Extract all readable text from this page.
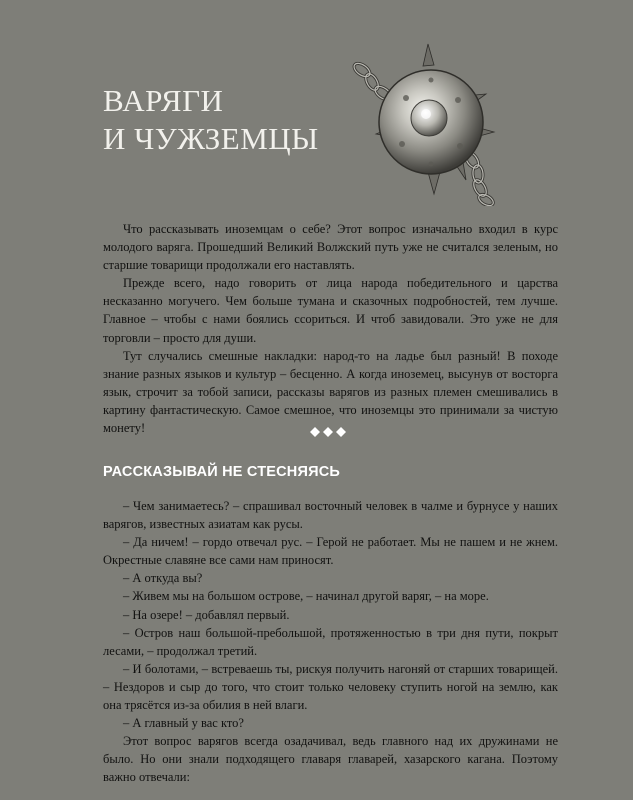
ВАРЯГИ
И ЧУЖЗЕМЦЫ

Что рассказывать иноземцам о себе? Этот вопрос изначально входил в курс молодого варяга. Прошедший Великий Волжский путь уже не считался зеленым, но старшие товарищи продолжали его наставлять.

Прежде всего, надо говорить от лица народа победительного и царства несказанно могучего. Чем больше тумана и сказочных подробностей, тем лучше. Главное – чтобы с нами боялись ссориться. И чтоб завидовали. Это уже не для торговли – просто для души.

Тут случались смешные накладки: народ-то на ладье был разный! В походе знание разных языков и культур – бесценно. А когда иноземец, высунув от восторга язык, строчит за тобой записи, рассказы варягов из разных племен смешивались в картину фантастическую. Самое смешное, что иноземцы это принимали за чистую монету!

РАССКАЗЫВАЙ НЕ СТЕСНЯЯСЬ

– Чем занимаетесь? – спрашивал восточный человек в чалме и бурнусе у наших варягов, известных азиатам как русы.

– Да ничем! – гордо отвечал рус. – Герой не работает. Мы не пашем и не жнем. Окрестные славяне все сами нам приносят.

– А откуда вы?

– Живем мы на большом острове, – начинал другой варяг, – на море.

– На озере! – добавлял первый.

– Остров наш большой-пребольшой, протяженностью в три дня пути, покрыт лесами, – продолжал третий.

– И болотами, – встреваешь ты, рискуя получить нагоняй от старших товарищей. – Нездоров и сыр до того, что стоит только человеку ступить ногой на землю, как она трясётся из-за обилия в ней влаги.

– А главный у вас кто?

Этот вопрос варягов всегда озадачивал, ведь главного над их дружинами не было. Но они знали подходящего главаря главарей, хазарского кагана. Поэтому важно отвечали:
